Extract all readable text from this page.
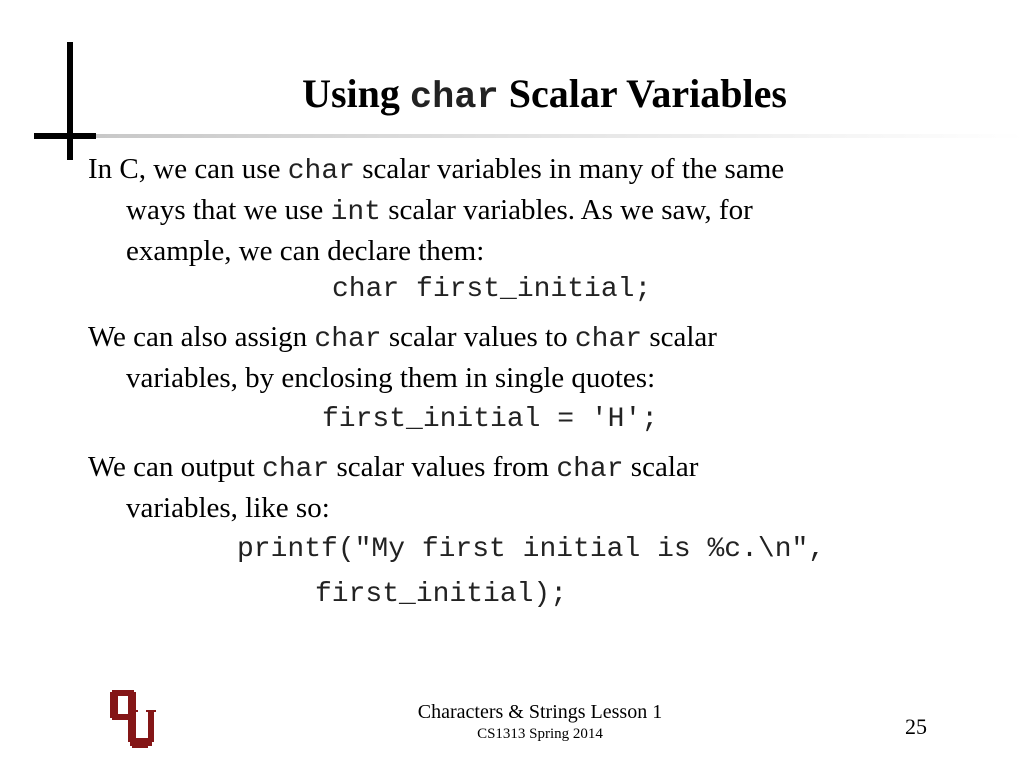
Using char Scalar Variables
In C, we can use char scalar variables in many of the same
ways that we use int scalar variables. As we saw, for
example, we can declare them:
char first_initial;
We can also assign char scalar values to char scalar
variables, by enclosing them in single quotes:
first_initial = 'H';
We can output char scalar values from char scalar
variables, like so:
printf("My first initial is %c.\n",
first_initial);
Characters & Strings Lesson 1
CS1313 Spring 2014	25
